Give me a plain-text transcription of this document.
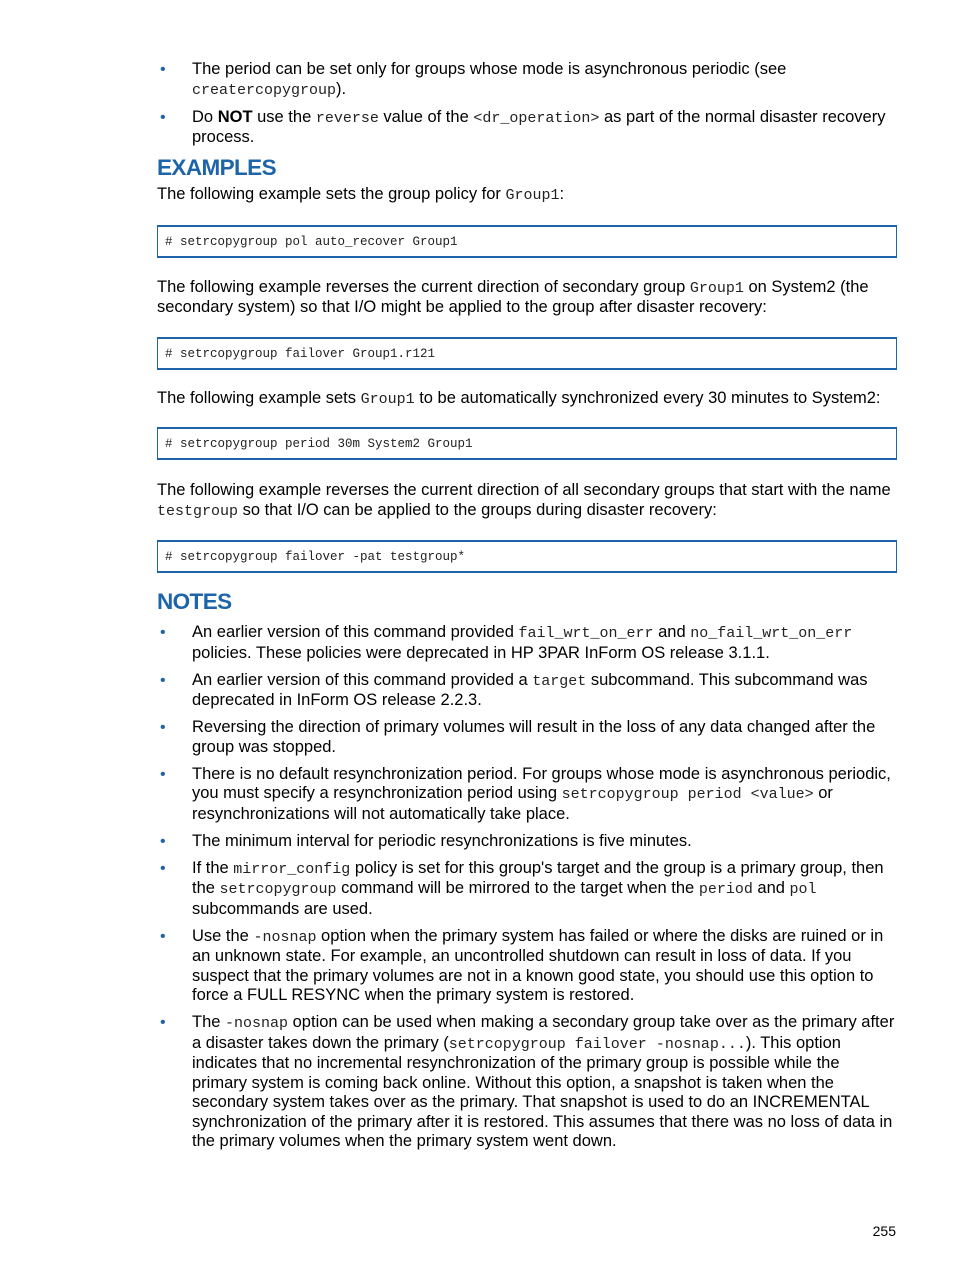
• The period can be set only for groups whose mode is asynchronous periodic (see creatercopygroup).
• Do NOT use the reverse value of the <dr_operation> as part of the normal disaster recovery process.
EXAMPLES

The following example sets the group policy for Group1:

# setrcopygroup pol auto_recover Group1

The following example reverses the current direction of secondary group Group1 on System2 (the secondary system) so that I/O might be applied to the group after disaster recovery:

# setrcopygroup failover Group1.r121

The following example sets Group1 to be automatically synchronized every 30 minutes to System2:

# setrcopygroup period 30m System2 Group1

The following example reverses the current direction of all secondary groups that start with the name testgroup so that I/O can be applied to the groups during disaster recovery:

# setrcopygroup failover -pat testgroup*
NOTES
• An earlier version of this command provided fail_wrt_on_err and no_fail_wrt_on_err policies. These policies were deprecated in HP 3PAR InForm OS release 3.1.1.
• An earlier version of this command provided a target subcommand. This subcommand was deprecated in InForm OS release 2.2.3.
• Reversing the direction of primary volumes will result in the loss of any data changed after the group was stopped.
• There is no default resynchronization period. For groups whose mode is asynchronous periodic, you must specify a resynchronization period using setrcopygroup period <value> or resynchronizations will not automatically take place.
• The minimum interval for periodic resynchronizations is five minutes.
• If the mirror_config policy is set for this group's target and the group is a primary group, then the setrcopygroup command will be mirrored to the target when the period and pol subcommands are used.
• Use the -nosnap option when the primary system has failed or where the disks are ruined or in an unknown state. For example, an uncontrolled shutdown can result in loss of data. If you suspect that the primary volumes are not in a known good state, you should use this option to force a FULL RESYNC when the primary system is restored.
• The -nosnap option can be used when making a secondary group take over as the primary after a disaster takes down the primary (setrcopygroup failover -nosnap...). This option indicates that no incremental resynchronization of the primary group is possible while the primary system is coming back online. Without this option, a snapshot is taken when the secondary system takes over as the primary. That snapshot is used to do an INCREMENTAL synchronization of the primary after it is restored. This assumes that there was no loss of data in the primary volumes when the primary system went down.
255
